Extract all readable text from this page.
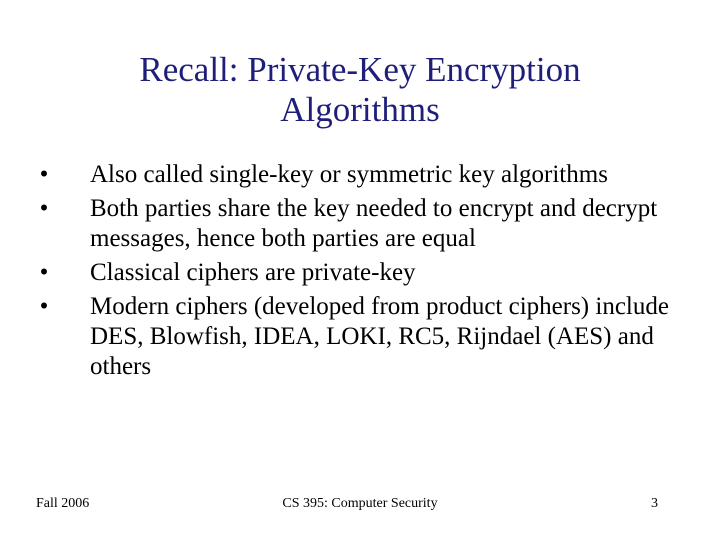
Recall: Private-Key Encryption
Algorithms
• Also called single-key or symmetric key algorithms
• Both parties share the key needed to encrypt and decrypt messages, hence both parties are equal
• Classical ciphers are private-key
• Modern ciphers (developed from product ciphers) include DES, Blowfish, IDEA, LOKI, RC5, Rijndael (AES) and others
Fall 2006	CS 395: Computer Security	3
